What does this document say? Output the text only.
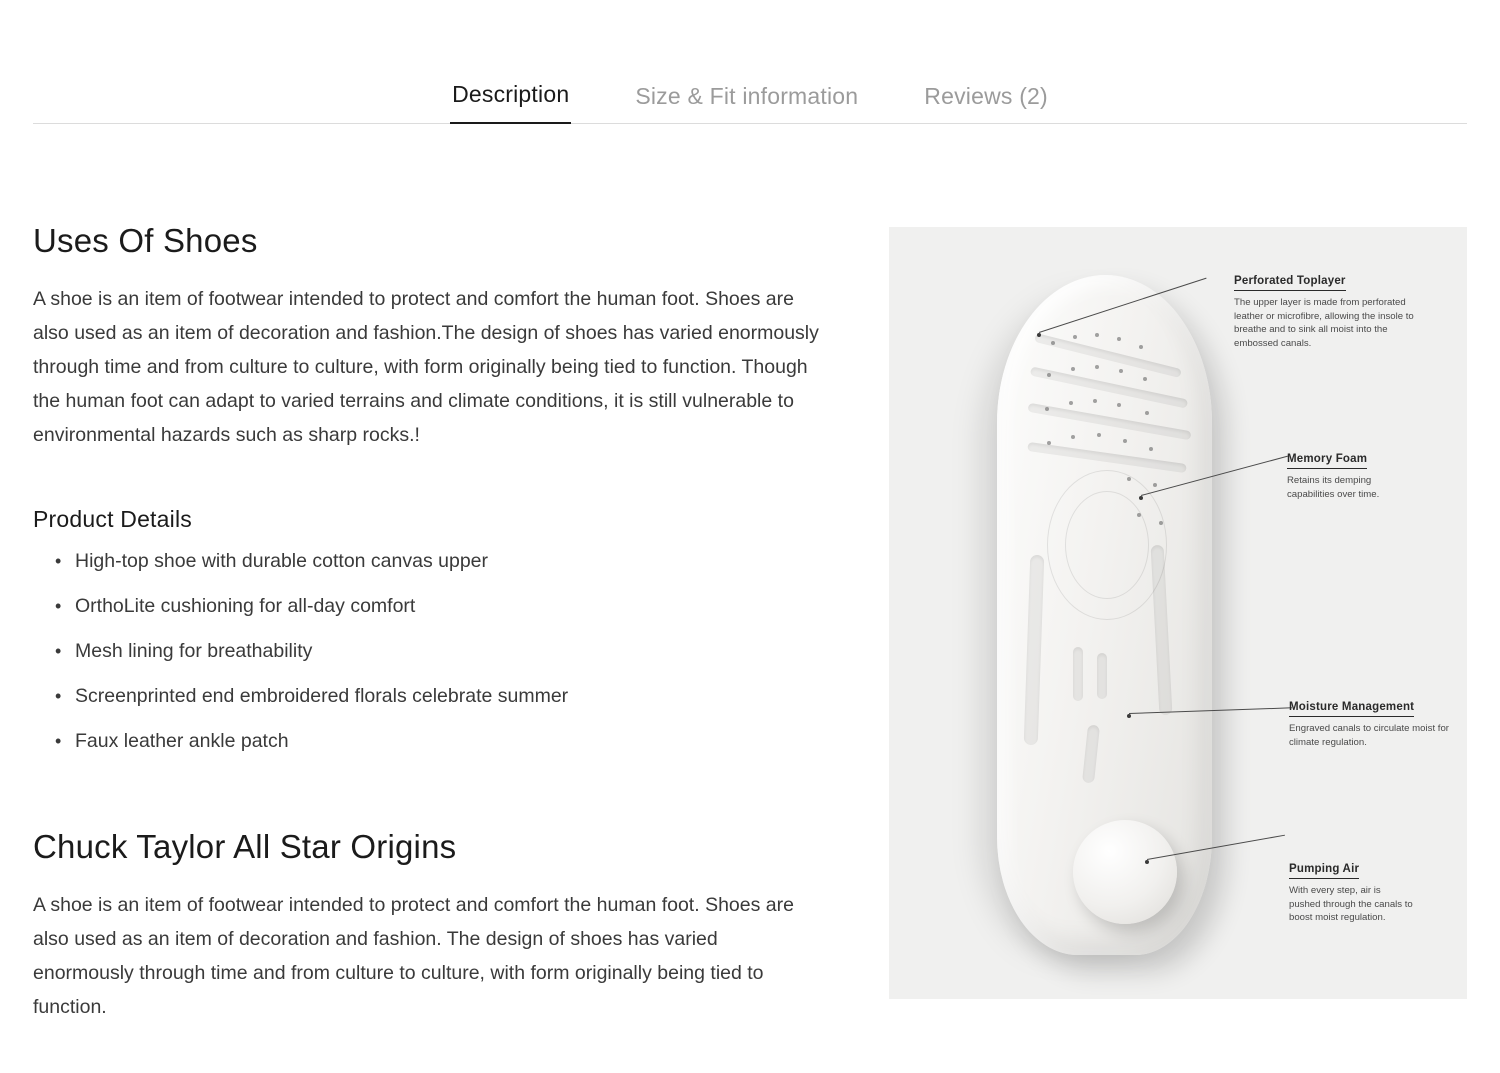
Description	Size & Fit information	Reviews (2)
Uses Of Shoes

A shoe is an item of footwear intended to protect and comfort the human foot. Shoes are also used as an item of decoration and fashion.The design of shoes has varied enormously through time and from culture to culture, with form originally being tied to function. Though the human foot can adapt to varied terrains and climate conditions, it is still vulnerable to environmental hazards such as sharp rocks.!

Product Details
• High-top shoe with durable cotton canvas upper
• OrthoLite cushioning for all-day comfort
• Mesh lining for breathability
• Screenprinted end embroidered florals celebrate summer
• Faux leather ankle patch
Chuck Taylor All Star Origins

A shoe is an item of footwear intended to protect and comfort the human foot. Shoes are also used as an item of decoration and fashion. The design of shoes has varied enormously through time and from culture to culture, with form originally being tied to function.

Perforated Toplayer
The upper layer is made from perforated leather or microfibre, allowing the insole to breathe and to sink all moist into the embossed canals.
Memory Foam
Retains its demping capabilities over time.
Moisture Management
Engraved canals to circulate moist for climate regulation.
Pumping Air
With every step, air is pushed through the canals to boost moist regulation.
